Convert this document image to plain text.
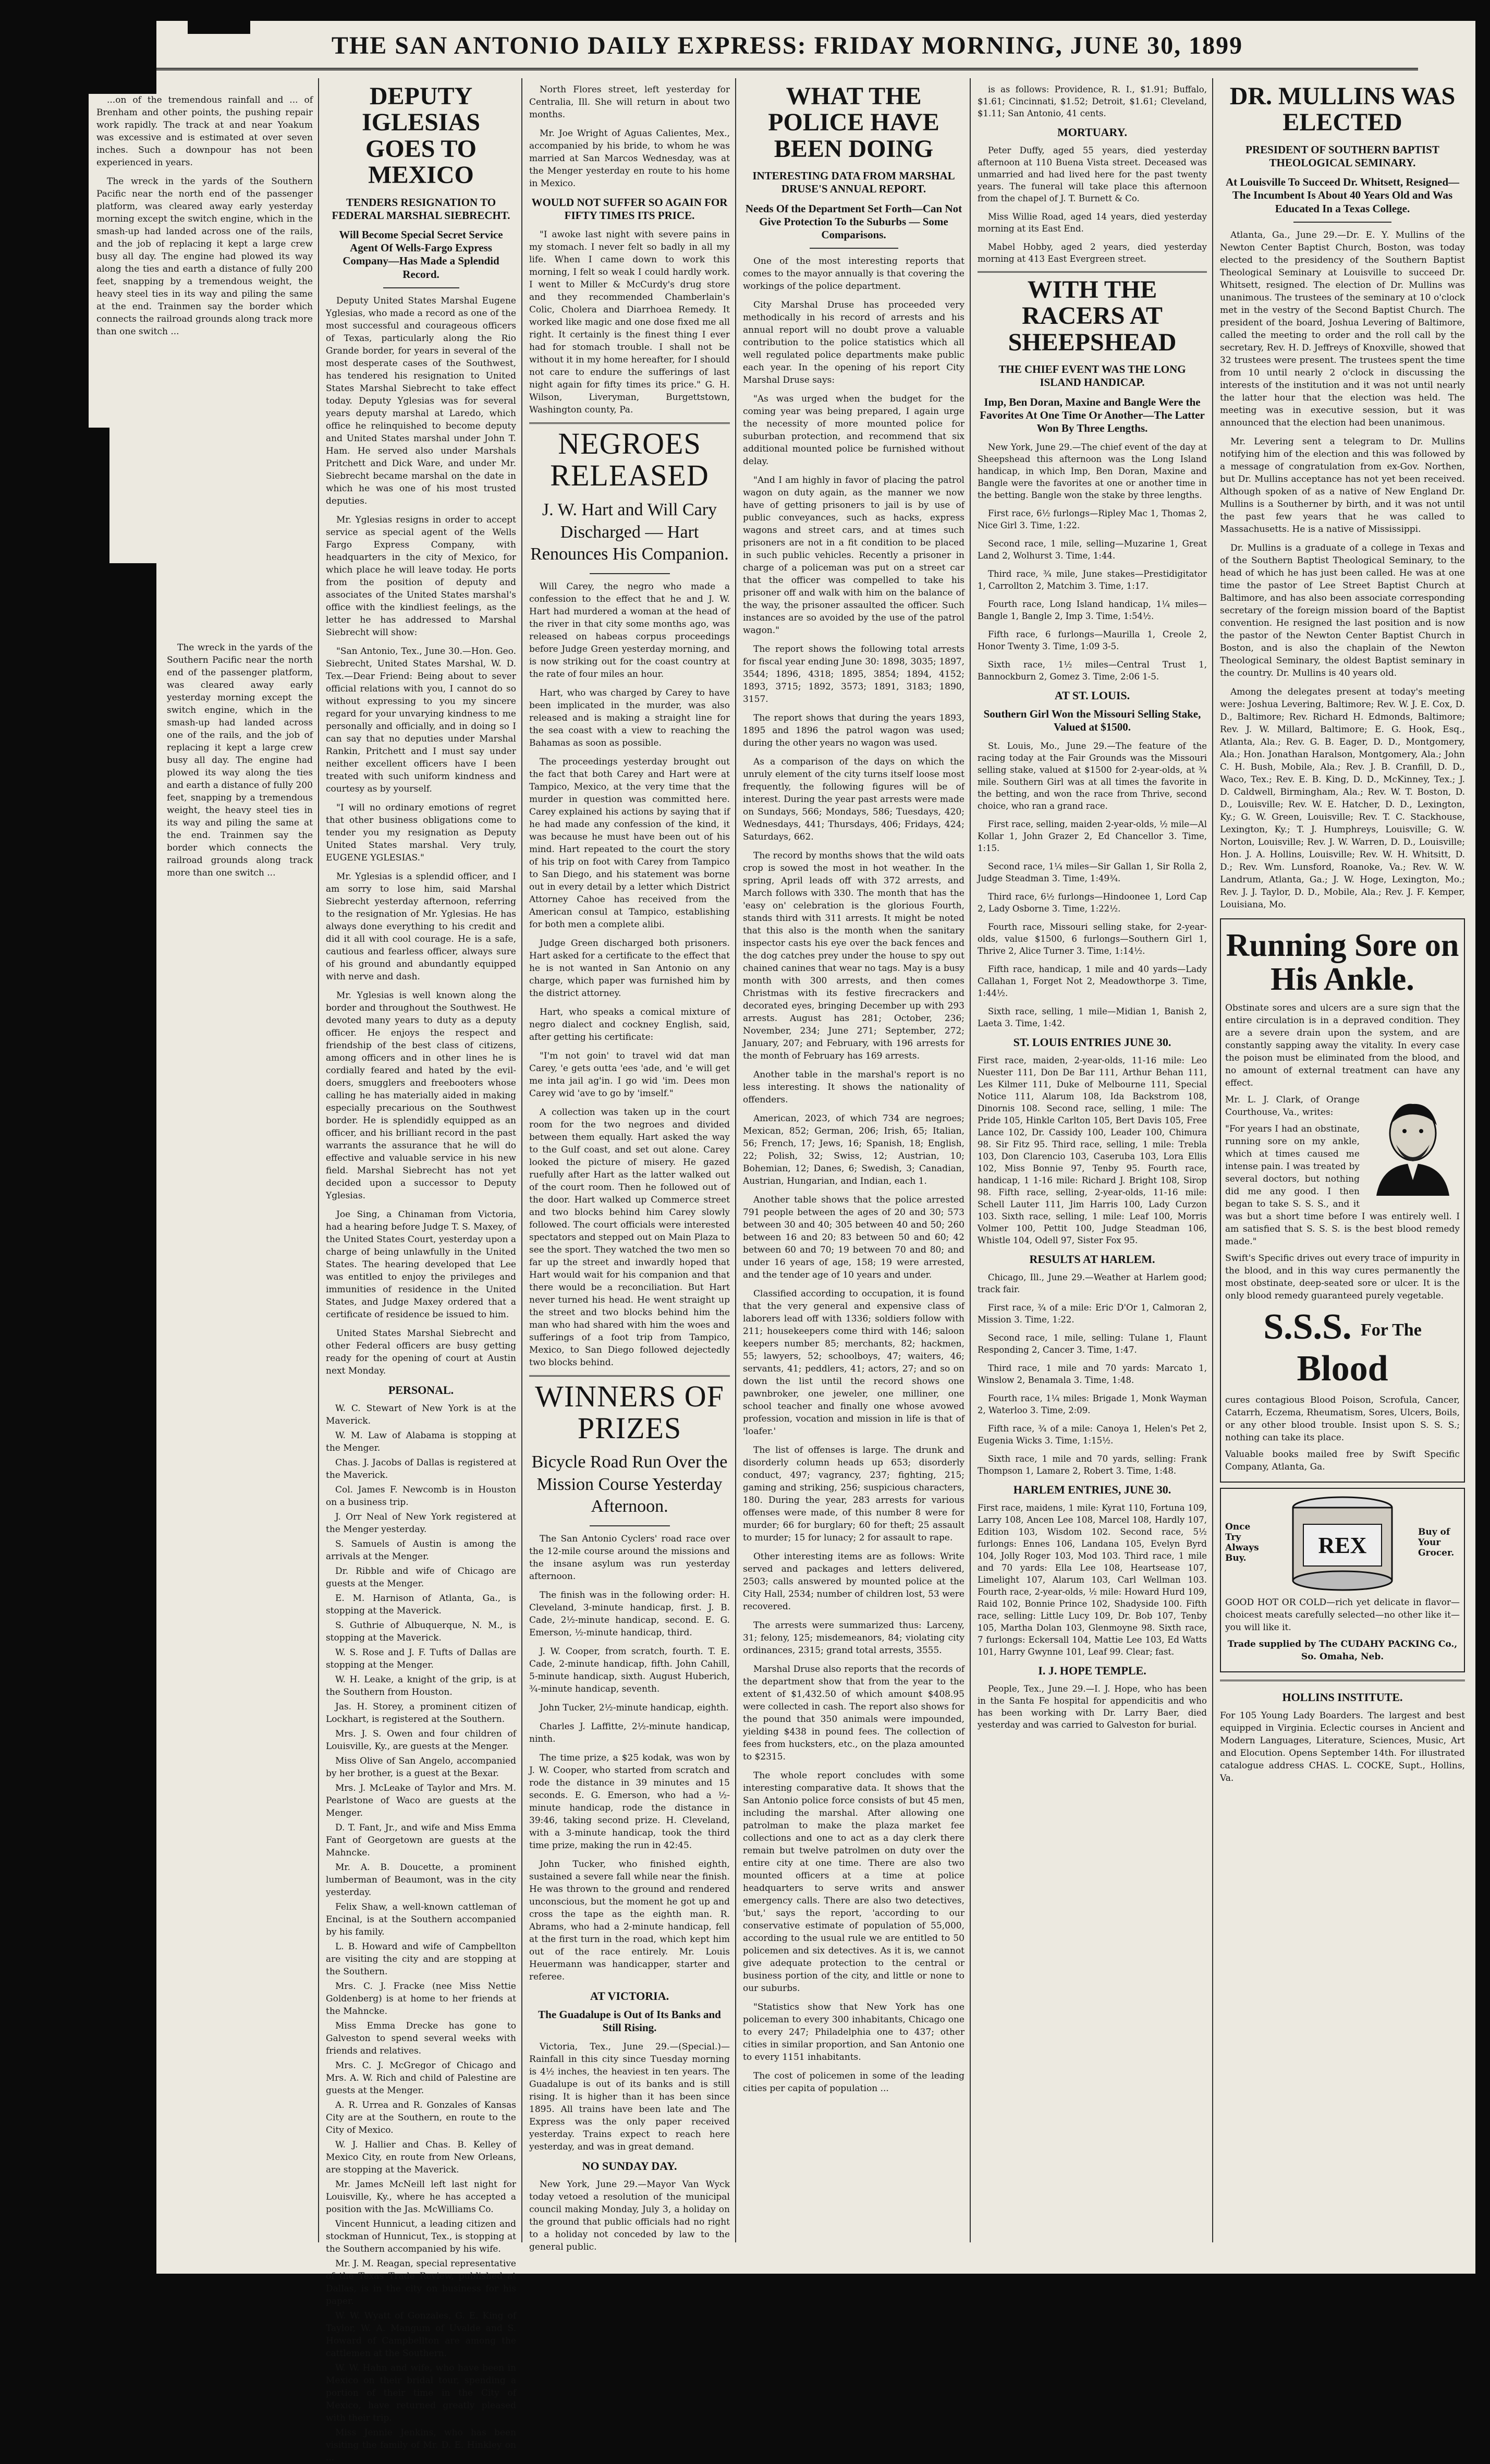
THE SAN ANTONIO DAILY EXPRESS: FRIDAY MORNING, JUNE 30, 1899

...on of the tremendous rainfall and ... of Brenham and other points, the pushing repair work rapidly. The track at and near Yoakum was excessive and is estimated at over seven inches. Such a downpour has not been experienced in years.

The wreck in the yards of the Southern Pacific near the north end of the passenger platform, was cleared away early yesterday morning except the switch engine, which in the smash-up had landed across one of the rails, and the job of replacing it kept a large crew busy all day. The engine had plowed its way along the ties and earth a distance of fully 200 feet, snapping by a tremendous weight, the heavy steel ties in its way and piling the same at the end. Trainmen say the border which connects the railroad grounds along track more than one switch ...

The wreck in the yards of the Southern Pacific near the north end of the passenger platform, was cleared away early yesterday morning except the switch engine, which in the smash-up had landed across one of the rails, and the job of replacing it kept a large crew busy all day. The engine had plowed its way along the ties and earth a distance of fully 200 feet, snapping by a tremendous weight, the heavy steel ties in its way and piling the same at the end. Trainmen say the border which connects the railroad grounds along track more than one switch ...

DEPUTY IGLESIAS GOES TO MEXICO
TENDERS RESIGNATION TO FEDERAL MARSHAL SIEBRECHT.
Will Become Special Secret Service Agent Of Wells-Fargo Express Company—Has Made a Splendid Record.

Deputy United States Marshal Eugene Yglesias, who made a record as one of the most successful and courageous officers of Texas, particularly along the Rio Grande border, for years in several of the most desperate cases of the Southwest, has tendered his resignation to United States Marshal Siebrecht to take effect today. Deputy Yglesias was for several years deputy marshal at Laredo, which office he relinquished to become deputy and United States marshal under John T. Ham. He served also under Marshals Pritchett and Dick Ware, and under Mr. Siebrecht became marshal on the date in which he was one of his most trusted deputies.

Mr. Yglesias resigns in order to accept service as special agent of the Wells Fargo Express Company, with headquarters in the city of Mexico, for which place he will leave today. He ports from the position of deputy and associates of the United States marshal's office with the kindliest feelings, as the letter he has addressed to Marshal Siebrecht will show:

"San Antonio, Tex., June 30.—Hon. Geo. Siebrecht, United States Marshal, W. D. Tex.—Dear Friend: Being about to sever official relations with you, I cannot do so without expressing to you my sincere regard for your unvarying kindness to me personally and officially, and in doing so I can say that no deputies under Marshal Rankin, Pritchett and I must say under neither excellent officers have I been treated with such uniform kindness and courtesy as by yourself.

"I will no ordinary emotions of regret that other business obligations come to tender you my resignation as Deputy United States marshal. Very truly, EUGENE YGLESIAS."

Mr. Yglesias is a splendid officer, and I am sorry to lose him, said Marshal Siebrecht yesterday afternoon, referring to the resignation of Mr. Yglesias. He has always done everything to his credit and did it all with cool courage. He is a safe, cautious and fearless officer, always sure of his ground and abundantly equipped with nerve and dash.

Mr. Yglesias is well known along the border and throughout the Southwest. He devoted many years to duty as a deputy officer. He enjoys the respect and friendship of the best class of citizens, among officers and in other lines he is cordially feared and hated by the evil-doers, smugglers and freebooters whose calling he has materially aided in making especially precarious on the Southwest border. He is splendidly equipped as an officer, and his brilliant record in the past warrants the assurance that he will do effective and valuable service in his new field. Marshal Siebrecht has not yet decided upon a successor to Deputy Yglesias.

Joe Sing, a Chinaman from Victoria, had a hearing before Judge T. S. Maxey, of the United States Court, yesterday upon a charge of being unlawfully in the United States. The hearing developed that Lee was entitled to enjoy the privileges and immunities of residence in the United States, and Judge Maxey ordered that a certificate of residence be issued to him.

United States Marshal Siebrecht and other Federal officers are busy getting ready for the opening of court at Austin next Monday.

PERSONAL.

W. C. Stewart of New York is at the Maverick.

W. M. Law of Alabama is stopping at the Menger.

Chas. J. Jacobs of Dallas is registered at the Maverick.

Col. James F. Newcomb is in Houston on a business trip.

J. Orr Neal of New York registered at the Menger yesterday.

S. Samuels of Austin is among the arrivals at the Menger.

Dr. Ribble and wife of Chicago are guests at the Menger.

E. M. Harnison of Atlanta, Ga., is stopping at the Maverick.

S. Guthrie of Albuquerque, N. M., is stopping at the Maverick.

W. S. Rose and J. F. Tufts of Dallas are stopping at the Menger.

W. H. Leake, a knight of the grip, is at the Southern from Houston.

Jas. H. Storey, a prominent citizen of Lockhart, is registered at the Southern.

Mrs. J. S. Owen and four children of Louisville, Ky., are guests at the Menger.

Miss Olive of San Angelo, accompanied by her brother, is a guest at the Bexar.

Mrs. J. McLeake of Taylor and Mrs. M. Pearlstone of Waco are guests at the Menger.

D. T. Fant, Jr., and wife and Miss Emma Fant of Georgetown are guests at the Mahncke.

Mr. A. B. Doucette, a prominent lumberman of Beaumont, was in the city yesterday.

Felix Shaw, a well-known cattleman of Encinal, is at the Southern accompanied by his family.

L. B. Howard and wife of Campbellton are visiting the city and are stopping at the Southern.

Mrs. C. J. Fracke (nee Miss Nettie Goldenberg) is at home to her friends at the Mahncke.

Miss Emma Drecke has gone to Galveston to spend several weeks with friends and relatives.

Mrs. C. J. McGregor of Chicago and Mrs. A. W. Rich and child of Palestine are guests at the Menger.

A. R. Urrea and R. Gonzales of Kansas City are at the Southern, en route to the City of Mexico.

W. J. Hallier and Chas. B. Kelley of Mexico City, en route from New Orleans, are stopping at the Maverick.

Mr. James McNeill left last night for Louisville, Ky., where he has accepted a position with the Jas. McWilliams Co.

Vincent Hunnicut, a leading citizen and stockman of Hunnicut, Tex., is stopping at the Southern accompanied by his wife.

Mr. J. M. Reagan, special representative of the Texas Trade Review, published at Dallas, is in the city on business for his paper.

W. W. Wyatt of Gonzales, G. E. King of Taylor, W. A. Mangum of Uvalde and S. Howard of Campbellton are among the cattlemen at the Southern.

W. W. Hahn and wife, who have been in Mexico on their bridal tour, spending a portion of their time in the City of Mexico, have returned greatly pleased with their trip.

Miss Jennie Jenkins, who has been visiting the family of Mr. D. E. Hinkley on ...

North Flores street, left yesterday for Centralia, Ill. She will return in about two months.

Mr. Joe Wright of Aguas Calientes, Mex., accompanied by his bride, to whom he was married at San Marcos Wednesday, was at the Menger yesterday en route to his home in Mexico.

WOULD NOT SUFFER SO AGAIN FOR FIFTY TIMES ITS PRICE.

"I awoke last night with severe pains in my stomach. I never felt so badly in all my life. When I came down to work this morning, I felt so weak I could hardly work. I went to Miller & McCurdy's drug store and they recommended Chamberlain's Colic, Cholera and Diarrhoea Remedy. It worked like magic and one dose fixed me all right. It certainly is the finest thing I ever had for stomach trouble. I shall not be without it in my home hereafter, for I should not care to endure the sufferings of last night again for fifty times its price." G. H. Wilson, Liveryman, Burgettstown, Washington county, Pa.

NEGROES RELEASED
J. W. Hart and Will Cary Discharged — Hart Renounces His Companion.

Will Carey, the negro who made a confession to the effect that he and J. W. Hart had murdered a woman at the head of the river in that city some months ago, was released on habeas corpus proceedings before Judge Green yesterday morning, and is now striking out for the coast country at the rate of four miles an hour.

Hart, who was charged by Carey to have been implicated in the murder, was also released and is making a straight line for the sea coast with a view to reaching the Bahamas as soon as possible.

The proceedings yesterday brought out the fact that both Carey and Hart were at Tampico, Mexico, at the very time that the murder in question was committed here. Carey explained his actions by saying that if he had made any confession of the kind, it was because he must have been out of his mind. Hart repeated to the court the story of his trip on foot with Carey from Tampico to San Diego, and his statement was borne out in every detail by a letter which District Attorney Cahoe has received from the American consul at Tampico, establishing for both men a complete alibi.

Judge Green discharged both prisoners. Hart asked for a certificate to the effect that he is not wanted in San Antonio on any charge, which paper was furnished him by the district attorney.

Hart, who speaks a comical mixture of negro dialect and cockney English, said, after getting his certificate:

"I'm not goin' to travel wid dat man Carey, 'e gets outta 'ees 'ade, and 'e will get me inta jail ag'in. I go wid 'im. Dees mon Carey wid 'ave to go by 'imself."

A collection was taken up in the court room for the two negroes and divided between them equally. Hart asked the way to the Gulf coast, and set out alone. Carey looked the picture of misery. He gazed ruefully after Hart as the latter walked out of the court room. Then he followed out of the door. Hart walked up Commerce street and two blocks behind him Carey slowly followed. The court officials were interested spectators and stepped out on Main Plaza to see the sport. They watched the two men so far up the street and inwardly hoped that Hart would wait for his companion and that there would be a reconciliation. But Hart never turned his head. He went straight up the street and two blocks behind him the man who had shared with him the woes and sufferings of a foot trip from Tampico, Mexico, to San Diego followed dejectedly two blocks behind.

WINNERS OF PRIZES
Bicycle Road Run Over the Mission Course Yesterday Afternoon.

The San Antonio Cyclers' road race over the 12-mile course around the missions and the insane asylum was run yesterday afternoon.

The finish was in the following order: H. Cleveland, 3-minute handicap, first. J. B. Cade, 2½-minute handicap, second. E. G. Emerson, ½-minute handicap, third.

J. W. Cooper, from scratch, fourth. T. E. Cade, 2-minute handicap, fifth. John Cahill, 5-minute handicap, sixth. August Huberich, ¾-minute handicap, seventh.

John Tucker, 2½-minute handicap, eighth.

Charles J. Laffitte, 2½-minute handicap, ninth.

The time prize, a $25 kodak, was won by J. W. Cooper, who started from scratch and rode the distance in 39 minutes and 15 seconds. E. G. Emerson, who had a ½-minute handicap, rode the distance in 39:46, taking second prize. H. Cleveland, with a 3-minute handicap, took the third time prize, making the run in 42:45.

John Tucker, who finished eighth, sustained a severe fall while near the finish. He was thrown to the ground and rendered unconscious, but the moment he got up and cross the tape as the eighth man. R. Abrams, who had a 2-minute handicap, fell at the first turn in the road, which kept him out of the race entirely. Mr. Louis Heuermann was handicapper, starter and referee.

AT VICTORIA.
The Guadalupe is Out of Its Banks and Still Rising.

Victoria, Tex., June 29.—(Special.)—Rainfall in this city since Tuesday morning is 4½ inches, the heaviest in ten years. The Guadalupe is out of its banks and is still rising. It is higher than it has been since 1895. All trains have been late and The Express was the only paper received yesterday. Trains expect to reach here yesterday, and was in great demand.

NO SUNDAY DAY.

New York, June 29.—Mayor Van Wyck today vetoed a resolution of the municipal council making Monday, July 3, a holiday on the ground that public officials had no right to a holiday not conceded by law to the general public.

WHAT THE POLICE HAVE BEEN DOING
INTERESTING DATA FROM MARSHAL DRUSE'S ANNUAL REPORT.
Needs Of the Department Set Forth—Can Not Give Protection To the Suburbs — Some Comparisons.

One of the most interesting reports that comes to the mayor annually is that covering the workings of the police department.

City Marshal Druse has proceeded very methodically in his record of arrests and his annual report will no doubt prove a valuable contribution to the police statistics which all well regulated police departments make public each year. In the opening of his report City Marshal Druse says:

"As was urged when the budget for the coming year was being prepared, I again urge the necessity of more mounted police for suburban protection, and recommend that six additional mounted police be furnished without delay.

"And I am highly in favor of placing the patrol wagon on duty again, as the manner we now have of getting prisoners to jail is by use of public conveyances, such as hacks, express wagons and street cars, and at times such prisoners are not in a fit condition to be placed in such public vehicles. Recently a prisoner in charge of a policeman was put on a street car that the officer was compelled to take his prisoner off and walk with him on the balance of the way, the prisoner assaulted the officer. Such instances are so avoided by the use of the patrol wagon."

The report shows the following total arrests for fiscal year ending June 30: 1898, 3035; 1897, 3544; 1896, 4318; 1895, 3854; 1894, 4152; 1893, 3715; 1892, 3573; 1891, 3183; 1890, 3157.

The report shows that during the years 1893, 1895 and 1896 the patrol wagon was used; during the other years no wagon was used.

As a comparison of the days on which the unruly element of the city turns itself loose most frequently, the following figures will be of interest. During the year past arrests were made on Sundays, 566; Mondays, 586; Tuesdays, 420; Wednesdays, 441; Thursdays, 406; Fridays, 424; Saturdays, 662.

The record by months shows that the wild oats crop is sowed the most in hot weather. In the spring, April leads off with 372 arrests, and March follows with 330. The month that has the 'easy on' celebration is the glorious Fourth, stands third with 311 arrests. It might be noted that this also is the month when the sanitary inspector casts his eye over the back fences and the dog catches prey under the house to spy out chained canines that wear no tags. May is a busy month with 300 arrests, and then comes Christmas with its festive firecrackers and decorated eyes, bringing December up with 293 arrests. August has 281; October, 236; November, 234; June 271; September, 272; January, 207; and February, with 196 arrests for the month of February has 169 arrests.

Another table in the marshal's report is no less interesting. It shows the nationality of offenders.

American, 2023, of which 734 are negroes; Mexican, 852; German, 206; Irish, 65; Italian, 56; French, 17; Jews, 16; Spanish, 18; English, 22; Polish, 32; Swiss, 12; Austrian, 10; Bohemian, 12; Danes, 6; Swedish, 3; Canadian, Austrian, Hungarian, and Indian, each 1.

Another table shows that the police arrested 791 people between the ages of 20 and 30; 573 between 30 and 40; 305 between 40 and 50; 260 between 16 and 20; 83 between 50 and 60; 42 between 60 and 70; 19 between 70 and 80; and under 16 years of age, 158; 19 were arrested, and the tender age of 10 years and under.

Classified according to occupation, it is found that the very general and expensive class of laborers lead off with 1336; soldiers follow with 211; housekeepers come third with 146; saloon keepers number 85; merchants, 82; hackmen, 55; lawyers, 52; schoolboys, 47; waiters, 46; servants, 41; peddlers, 41; actors, 27; and so on down the list until the record shows one pawnbroker, one jeweler, one milliner, one school teacher and finally one whose avowed profession, vocation and mission in life is that of 'loafer.'

The list of offenses is large. The drunk and disorderly column heads up 653; disorderly conduct, 497; vagrancy, 237; fighting, 215; gaming and striking, 256; suspicious characters, 180. During the year, 283 arrests for various offenses were made, of this number 8 were for murder; 66 for burglary; 60 for theft; 25 assault to murder; 15 for lunacy; 2 for assault to rape.

Other interesting items are as follows: Write served and packages and letters delivered, 2503; calls answered by mounted police at the City Hall, 2534; number of children lost, 53 were recovered.

The arrests were summarized thus: Larceny, 31; felony, 125; misdemeanors, 84; violating city ordinances, 2315; grand total arrests, 3555.

Marshal Druse also reports that the records of the department show that from the year to the extent of $1,432.50 of which amount $408.95 were collected in cash. The report also shows for the pound that 350 animals were impounded, yielding $438 in pound fees. The collection of fees from hucksters, etc., on the plaza amounted to $2315.

The whole report concludes with some interesting comparative data. It shows that the San Antonio police force consists of but 45 men, including the marshal. After allowing one patrolman to make the plaza market fee collections and one to act as a day clerk there remain but twelve patrolmen on duty over the entire city at one time. There are also two mounted officers at a time at police headquarters to serve writs and answer emergency calls. There are also two detectives, 'but,' says the report, 'according to our conservative estimate of population of 55,000, according to the usual rule we are entitled to 50 policemen and six detectives. As it is, we cannot give adequate protection to the central or business portion of the city, and little or none to our suburbs.

"Statistics show that New York has one policeman to every 300 inhabitants, Chicago one to every 247; Philadelphia one to 437; other cities in similar proportion, and San Antonio one to every 1151 inhabitants.

The cost of policemen in some of the leading cities per capita of population ...

is as follows: Providence, R. I., $1.91; Buffalo, $1.61; Cincinnati, $1.52; Detroit, $1.61; Cleveland, $1.11; San Antonio, 41 cents.

MORTUARY.

Peter Duffy, aged 55 years, died yesterday afternoon at 110 Buena Vista street. Deceased was unmarried and had lived here for the past twenty years. The funeral will take place this afternoon from the chapel of J. T. Burnett & Co.

Miss Willie Road, aged 14 years, died yesterday morning at its East End.

Mabel Hobby, aged 2 years, died yesterday morning at 413 East Evergreen street.

WITH THE RACERS AT SHEEPSHEAD
THE CHIEF EVENT WAS THE LONG ISLAND HANDICAP.
Imp, Ben Doran, Maxine and Bangle Were the Favorites At One Time Or Another—The Latter Won By Three Lengths.

New York, June 29.—The chief event of the day at Sheepshead this afternoon was the Long Island handicap, in which Imp, Ben Doran, Maxine and Bangle were the favorites at one or another time in the betting. Bangle won the stake by three lengths.

First race, 6½ furlongs—Ripley Mac 1, Thomas 2, Nice Girl 3. Time, 1:22.

Second race, 1 mile, selling—Muzarine 1, Great Land 2, Wolhurst 3. Time, 1:44.

Third race, ¾ mile, June stakes—Prestidigitator 1, Carrollton 2, Matchim 3. Time, 1:17.

Fourth race, Long Island handicap, 1¼ miles—Bangle 1, Bangle 2, Imp 3. Time, 1:54½.

Fifth race, 6 furlongs—Maurilla 1, Creole 2, Honor Twenty 3. Time, 1:09 3-5.

Sixth race, 1½ miles—Central Trust 1, Bannockburn 2, Gomez 3. Time, 2:06 1-5.

AT ST. LOUIS.
Southern Girl Won the Missouri Selling Stake, Valued at $1500.

St. Louis, Mo., June 29.—The feature of the racing today at the Fair Grounds was the Missouri selling stake, valued at $1500 for 2-year-olds, at ¾ mile. Southern Girl was at all times the favorite in the betting, and won the race from Thrive, second choice, who ran a grand race.

First race, selling, maiden 2-year-olds, ½ mile—Al Kollar 1, John Grazer 2, Ed Chancellor 3. Time, 1:15.

Second race, 1¼ miles—Sir Gallan 1, Sir Rolla 2, Judge Steadman 3. Time, 1:49¾.

Third race, 6½ furlongs—Hindoonee 1, Lord Cap 2, Lady Osborne 3. Time, 1:22½.

Fourth race, Missouri selling stake, for 2-year-olds, value $1500, 6 furlongs—Southern Girl 1, Thrive 2, Alice Turner 3. Time, 1:14½.

Fifth race, handicap, 1 mile and 40 yards—Lady Callahan 1, Forget Not 2, Meadowthorpe 3. Time, 1:44½.

Sixth race, selling, 1 mile—Midian 1, Banish 2, Laeta 3. Time, 1:42.

ST. LOUIS ENTRIES JUNE 30.

First race, maiden, 2-year-olds, 11-16 mile: Leo Nuester 111, Don De Bar 111, Arthur Behan 111, Les Kilmer 111, Duke of Melbourne 111, Special Notice 111, Alarum 108, Ida Backstrom 108, Dinornis 108. Second race, selling, 1 mile: The Pride 105, Hinkle Carlton 105, Bert Davis 105, Free Lance 102, Dr. Cassidy 100, Leader 100, Chimura 98. Sir Fitz 95. Third race, selling, 1 mile: Trebla 103, Don Clarencio 103, Caseruba 103, Lora Ellis 102, Miss Bonnie 97, Tenby 95. Fourth race, handicap, 1 1-16 mile: Richard J. Bright 108, Sirop 98. Fifth race, selling, 2-year-olds, 11-16 mile: Schell Lauter 111, Jim Harris 100, Lady Curzon 103. Sixth race, selling, 1 mile: Leaf 100, Morris Volmer 100, Pettit 100, Judge Steadman 106, Whistle 104, Odell 97, Sister Fox 95.

RESULTS AT HARLEM.

Chicago, Ill., June 29.—Weather at Harlem good; track fair.

First race, ¾ of a mile: Eric D'Or 1, Calmoran 2, Mission 3. Time, 1:22.

Second race, 1 mile, selling: Tulane 1, Flaunt Responding 2, Cancer 3. Time, 1:47.

Third race, 1 mile and 70 yards: Marcato 1, Winslow 2, Benamala 3. Time, 1:48.

Fourth race, 1¼ miles: Brigade 1, Monk Wayman 2, Waterloo 3. Time, 2:09.

Fifth race, ¾ of a mile: Canoya 1, Helen's Pet 2, Eugenia Wicks 3. Time, 1:15½.

Sixth race, 1 mile and 70 yards, selling: Frank Thompson 1, Lamare 2, Robert 3. Time, 1:48.

HARLEM ENTRIES, JUNE 30.

First race, maidens, 1 mile: Kyrat 110, Fortuna 109, Larry 108, Ancen Lee 108, Marcel 108, Hardly 107, Edition 103, Wisdom 102. Second race, 5½ furlongs: Ennes 106, Landana 105, Evelyn Byrd 104, Jolly Roger 103, Mod 103. Third race, 1 mile and 70 yards: Ella Lee 108, Heartsease 107, Limelight 107, Alarum 103, Carl Wellman 103. Fourth race, 2-year-olds, ½ mile: Howard Hurd 109, Raid 102, Bonnie Prince 102, Shadyside 100. Fifth race, selling: Little Lucy 109, Dr. Bob 107, Tenby 105, Martha Dolan 103, Glenmoyne 98. Sixth race, 7 furlongs: Eckersall 104, Mattie Lee 103, Ed Watts 101, Harry Gwynne 101, Leaf 99. Clear; fast.

I. J. HOPE TEMPLE.

People, Tex., June 29.—I. J. Hope, who has been in the Santa Fe hospital for appendicitis and who has been working with Dr. Larry Baer, died yesterday and was carried to Galveston for burial.

DR. MULLINS WAS ELECTED
PRESIDENT OF SOUTHERN BAPTIST THEOLOGICAL SEMINARY.
At Louisville To Succeed Dr. Whitsett, Resigned—The Incumbent Is About 40 Years Old and Was Educated In a Texas College.

Atlanta, Ga., June 29.—Dr. E. Y. Mullins of the Newton Center Baptist Church, Boston, was today elected to the presidency of the Southern Baptist Theological Seminary at Louisville to succeed Dr. Whitsett, resigned. The election of Dr. Mullins was unanimous. The trustees of the seminary at 10 o'clock met in the vestry of the Second Baptist Church. The president of the board, Joshua Levering of Baltimore, called the meeting to order and the roll call by the secretary, Rev. H. D. Jeffreys of Knoxville, showed that 32 trustees were present. The trustees spent the time from 10 until nearly 2 o'clock in discussing the interests of the institution and it was not until nearly the latter hour that the election was held. The meeting was in executive session, but it was announced that the election had been unanimous.

Mr. Levering sent a telegram to Dr. Mullins notifying him of the election and this was followed by a message of congratulation from ex-Gov. Northen, but Dr. Mullins acceptance has not yet been received. Although spoken of as a native of New England Dr. Mullins is a Southerner by birth, and it was not until the past few years that he was called to Massachusetts. He is a native of Mississippi.

Dr. Mullins is a graduate of a college in Texas and of the Southern Baptist Theological Seminary, to the head of which he has just been called. He was at one time the pastor of Lee Street Baptist Church at Baltimore, and has also been associate corresponding secretary of the foreign mission board of the Baptist convention. He resigned the last position and is now the pastor of the Newton Center Baptist Church in Boston, and is also the chaplain of the Newton Theological Seminary, the oldest Baptist seminary in the country. Dr. Mullins is 40 years old.

Among the delegates present at today's meeting were: Joshua Levering, Baltimore; Rev. W. J. E. Cox, D. D., Baltimore; Rev. Richard H. Edmonds, Baltimore; Rev. J. W. Millard, Baltimore; E. G. Hook, Esq., Atlanta, Ala.; Rev. G. B. Eager, D. D., Montgomery, Ala.; Hon. Jonathan Haralson, Montgomery, Ala.; John C. H. Bush, Mobile, Ala.; Rev. J. B. Cranfill, D. D., Waco, Tex.; Rev. E. B. King, D. D., McKinney, Tex.; J. D. Caldwell, Birmingham, Ala.; Rev. W. T. Boston, D. D., Louisville; Rev. W. E. Hatcher, D. D., Lexington, Ky.; G. W. Green, Louisville; Rev. T. C. Stackhouse, Lexington, Ky.; T. J. Humphreys, Louisville; G. W. Norton, Louisville; Rev. J. W. Warren, D. D., Louisville; Hon. J. A. Hollins, Louisville; Rev. W. H. Whitsitt, D. D.; Rev. Wm. Lunsford, Roanoke, Va.; Rev. W. W. Landrum, Atlanta, Ga.; J. W. Hoge, Lexington, Mo.; Rev. J. J. Taylor, D. D., Mobile, Ala.; Rev. J. F. Kemper, Louisiana, Mo.

Running Sore on His Ankle.

Obstinate sores and ulcers are a sure sign that the entire circulation is in a depraved condition. They are a severe drain upon the system, and are constantly sapping away the vitality. In every case the poison must be eliminated from the blood, and no amount of external treatment can have any effect.

Mr. L. J. Clark, of Orange Courthouse, Va., writes:

"For years I had an obstinate, running sore on my ankle, which at times caused me intense pain. I was treated by several doctors, but nothing did me any good. I then began to take S. S. S., and it was but a short time before I was entirely well. I am satisfied that S. S. S. is the best blood remedy made."

Swift's Specific drives out every trace of impurity in the blood, and in this way cures permanently the most obstinate, deep-seated sore or ulcer. It is the only blood remedy guaranteed purely vegetable.

S.S.S. For The Blood

cures contagious Blood Poison, Scrofula, Cancer, Catarrh, Eczema, Rheumatism, Sores, Ulcers, Boils, or any other blood trouble. Insist upon S. S. S.; nothing can take its place.

Valuable books mailed free by Swift Specific Company, Atlanta, Ga.

Once Try Always Buy.	REX
Buy of Your Grocer.

GOOD HOT OR COLD—rich yet delicate in flavor—choicest meats carefully selected—no other like it—you will like it.

Trade supplied by The CUDAHY PACKING Co., So. Omaha, Neb.

HOLLINS INSTITUTE.

For 105 Young Lady Boarders. The largest and best equipped in Virginia. Eclectic courses in Ancient and Modern Languages, Literature, Sciences, Music, Art and Elocution. Opens September 14th. For illustrated catalogue address CHAS. L. COCKE, Supt., Hollins, Va.
